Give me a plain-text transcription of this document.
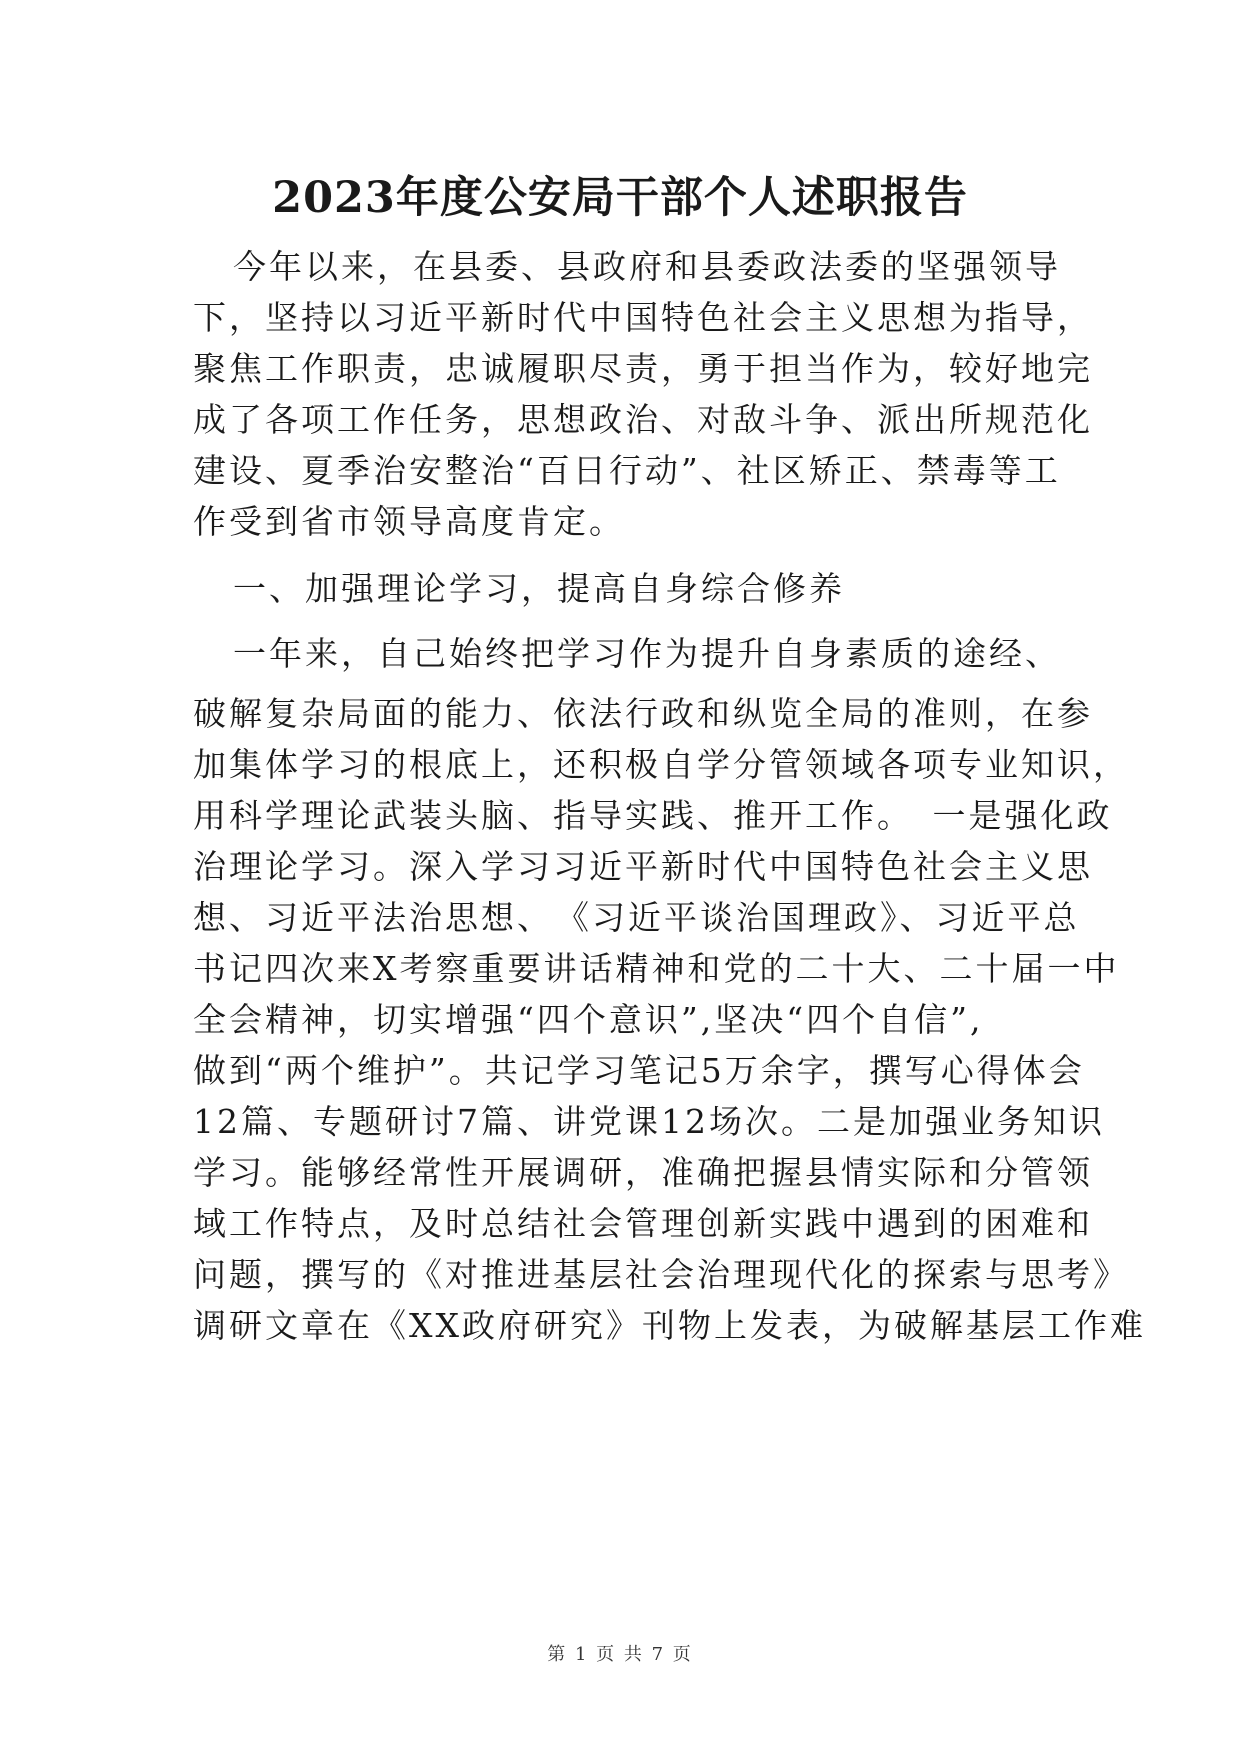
2023年度公安局干部个人述职报告
今年以来，在县委、县政府和县委政法委的坚强领导
下，坚持以习近平新时代中国特色社会主义思想为指导，
聚焦工作职责，忠诚履职尽责，勇于担当作为，较好地完
成了各项工作任务，思想政治、对敌斗争、派出所规范化
建设、夏季治安整治“百日行动”、社区矫正、禁毒等工
作受到省市领导高度肯定。
一、加强理论学习，提高自身综合修养
一年来，自己始终把学习作为提升自身素质的途经、
破解复杂局面的能力、依法行政和纵览全局的准则，在参
加集体学习的根底上，还积极自学分管领域各项专业知识，
用科学理论武装头脑、指导实践、推开工作。　一是强化政
治理论学习。深入学习习近平新时代中国特色社会主义思
想、习近平法治思想、　《习近平谈治国理政》、习近平总
书记四次来X考察重要讲话精神和党的二十大、二十届一中
全会精神，切实增强“四个意识”,坚决“四个自信”,
做到“两个维护”。共记学习笔记5万余字，撰写心得体会
12篇、专题研讨7篇、讲党课12场次。二是加强业务知识
学习。能够经常性开展调研，准确把握县情实际和分管领
域工作特点，及时总结社会管理创新实践中遇到的困难和
问题，撰写的《对推进基层社会治理现代化的探索与思考》
调研文章在《XX政府研究》刊物上发表，为破解基层工作难
第 1 页 共 7 页
